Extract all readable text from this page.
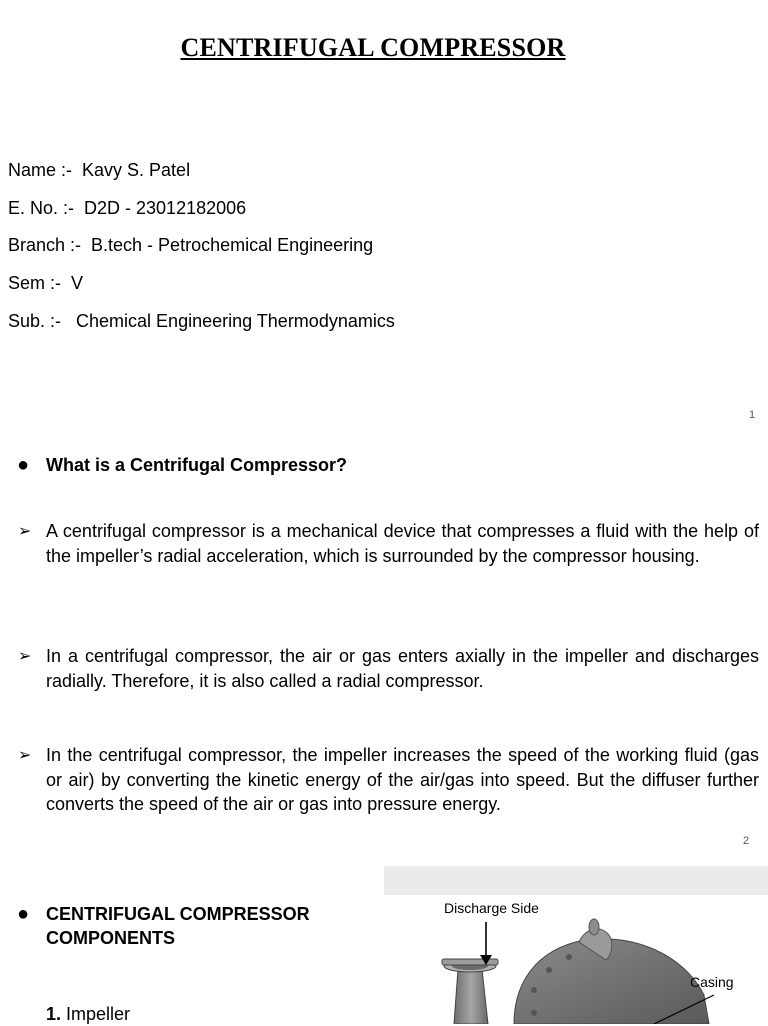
CENTRIFUGAL COMPRESSOR
Name :-  Kavy S. Patel
E. No. :-  D2D - 23012182006
Branch :-  B.tech - Petrochemical Engineering
Sem :-  V
Sub. :-   Chemical Engineering Thermodynamics
1
● What is a Centrifugal Compressor?
➢ A centrifugal compressor is a mechanical device that compresses a fluid with the help of the impeller’s radial acceleration, which is surrounded by the compressor housing.
➢ In a centrifugal compressor, the air or gas enters axially in the impeller and discharges radially. Therefore, it is also called a radial compressor.
➢ In the centrifugal compressor, the impeller increases the speed of the working fluid (gas or air) by converting the kinetic energy of the air/gas into speed. But the diffuser further converts the speed of the air or gas into pressure energy.
2
● CENTRIFUGAL COMPRESSOR
COMPONENTS
1. Impeller
Discharge Side
Casing
